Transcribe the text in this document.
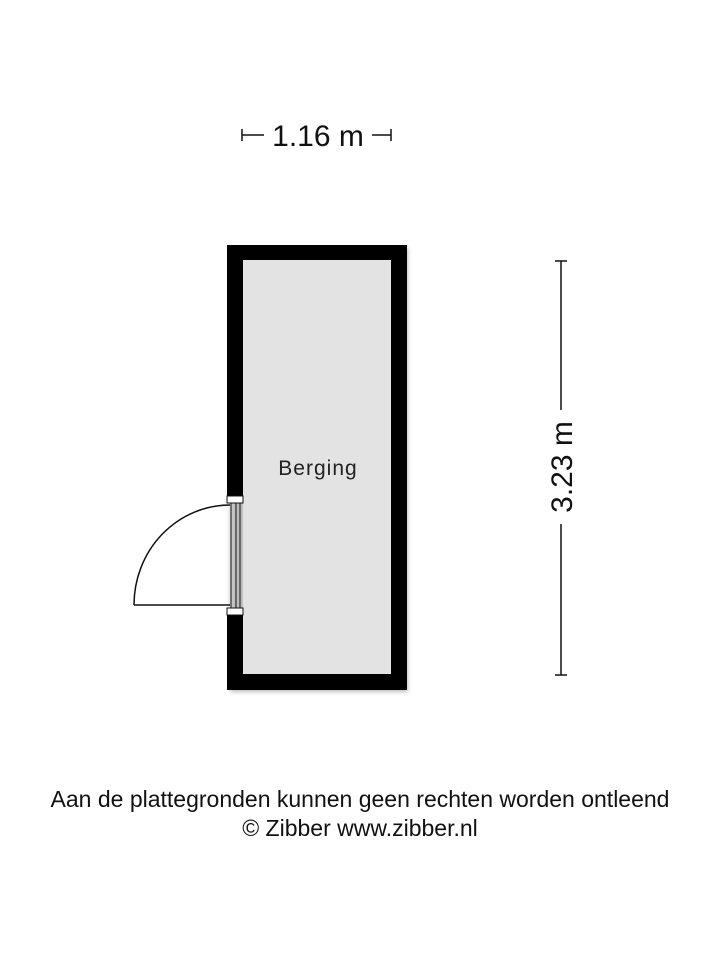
1.16 m
3.23 m
Berging
Aan de plattegronden kunnen geen rechten worden ontleend
© Zibber www.zibber.nl
